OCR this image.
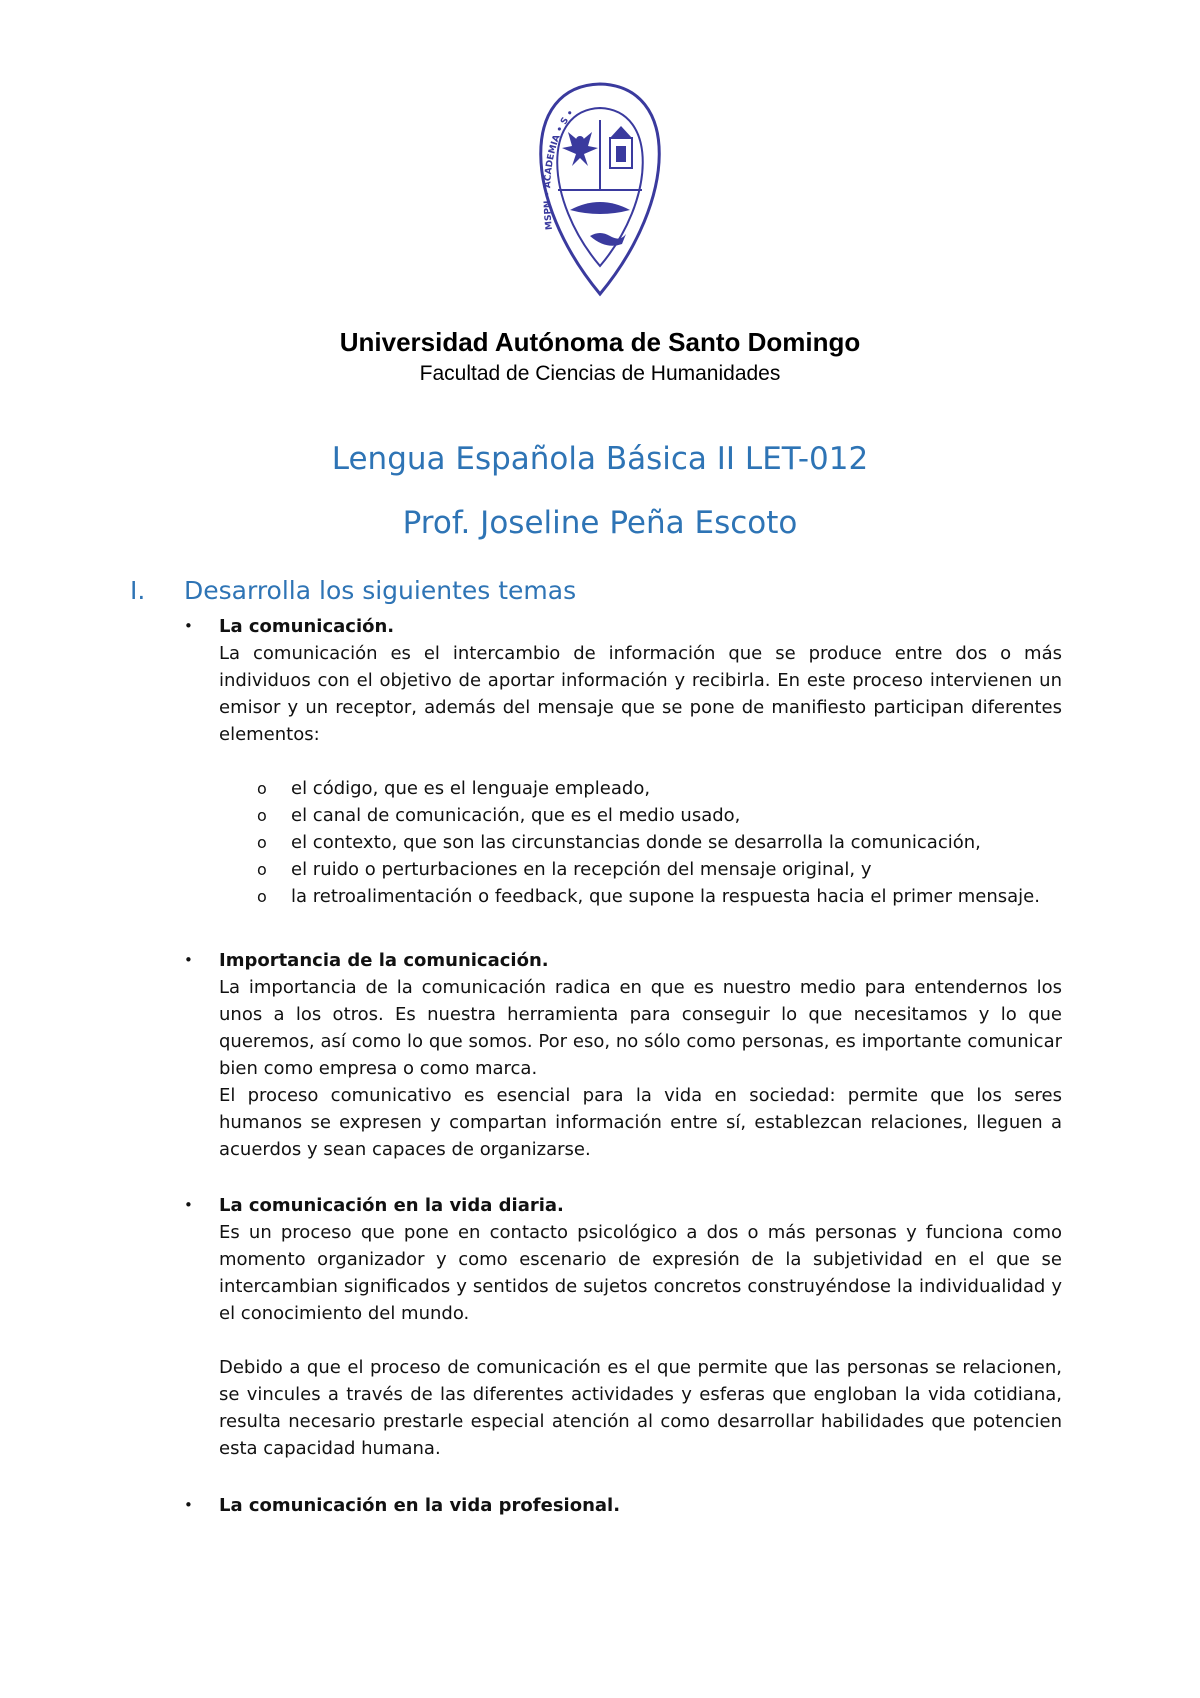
MSPN • ACADEMIA • S •
Universidad Autónoma de Santo Domingo
Facultad de Ciencias de Humanidades
Lengua Española Básica II LET-012
Prof. Joseline Peña Escoto
I. Desarrolla los siguientes temas
• La comunicación.

La comunicación es el intercambio de información que se produce entre dos o más individuos con el objetivo de aportar información y recibirla. En este proceso intervienen un emisor y un receptor, además del mensaje que se pone de manifiesto participan diferentes elementos:

o el código, que es el lenguaje empleado,
o el canal de comunicación, que es el medio usado,
o el contexto, que son las circunstancias donde se desarrolla la comunicación,
o el ruido o perturbaciones en la recepción del mensaje original, y
o la retroalimentación o feedback, que supone la respuesta hacia el primer mensaje.
• Importancia de la comunicación.

La importancia de la comunicación radica en que es nuestro medio para entendernos los unos a los otros. Es nuestra herramienta para conseguir lo que necesitamos y lo que queremos, así como lo que somos. Por eso, no sólo como personas, es importante comunicar bien como empresa o como marca.

El proceso comunicativo es esencial para la vida en sociedad: permite que los seres humanos se expresen y compartan información entre sí, establezcan relaciones, lleguen a acuerdos y sean capaces de organizarse.

• La comunicación en la vida diaria.

Es un proceso que pone en contacto psicológico a dos o más personas y funciona como momento organizador y como escenario de expresión de la subjetividad en el que se intercambian significados y sentidos de sujetos concretos construyéndose la individualidad y el conocimiento del mundo.

Debido a que el proceso de comunicación es el que permite que las personas se relacionen, se vincules a través de las diferentes actividades y esferas que engloban la vida cotidiana, resulta necesario prestarle especial atención al como desarrollar habilidades que potencien esta capacidad humana.

• La comunicación en la vida profesional.
